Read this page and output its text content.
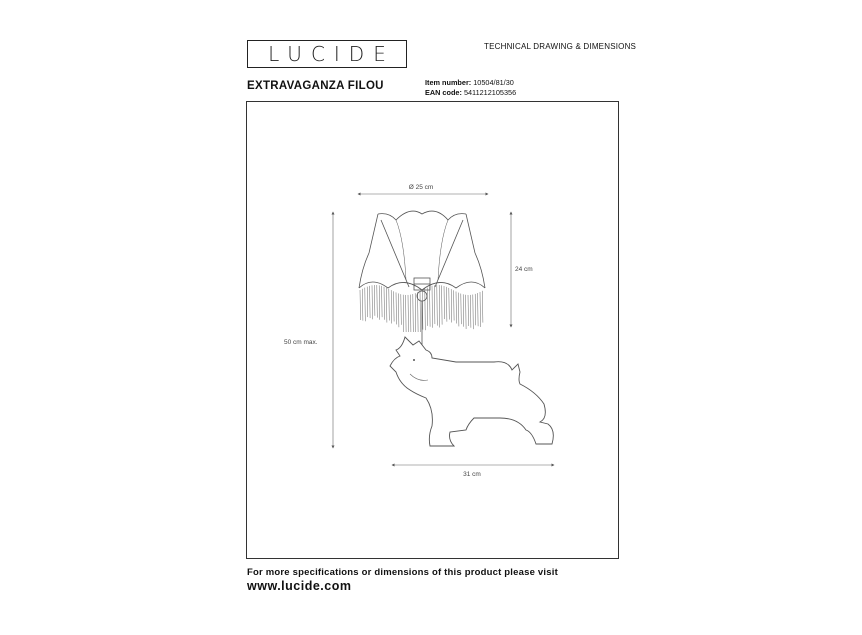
LUCIDE	TECHNICAL DRAWING & DIMENSIONS
EXTRAVAGANZA FILOU	Item number: 10504/81/30
EAN code: 5411212105356
Ø 25 cm
24 cm
50 cm max.
31 cm
For more specifications or dimensions of this product please visit
www.lucide.com
